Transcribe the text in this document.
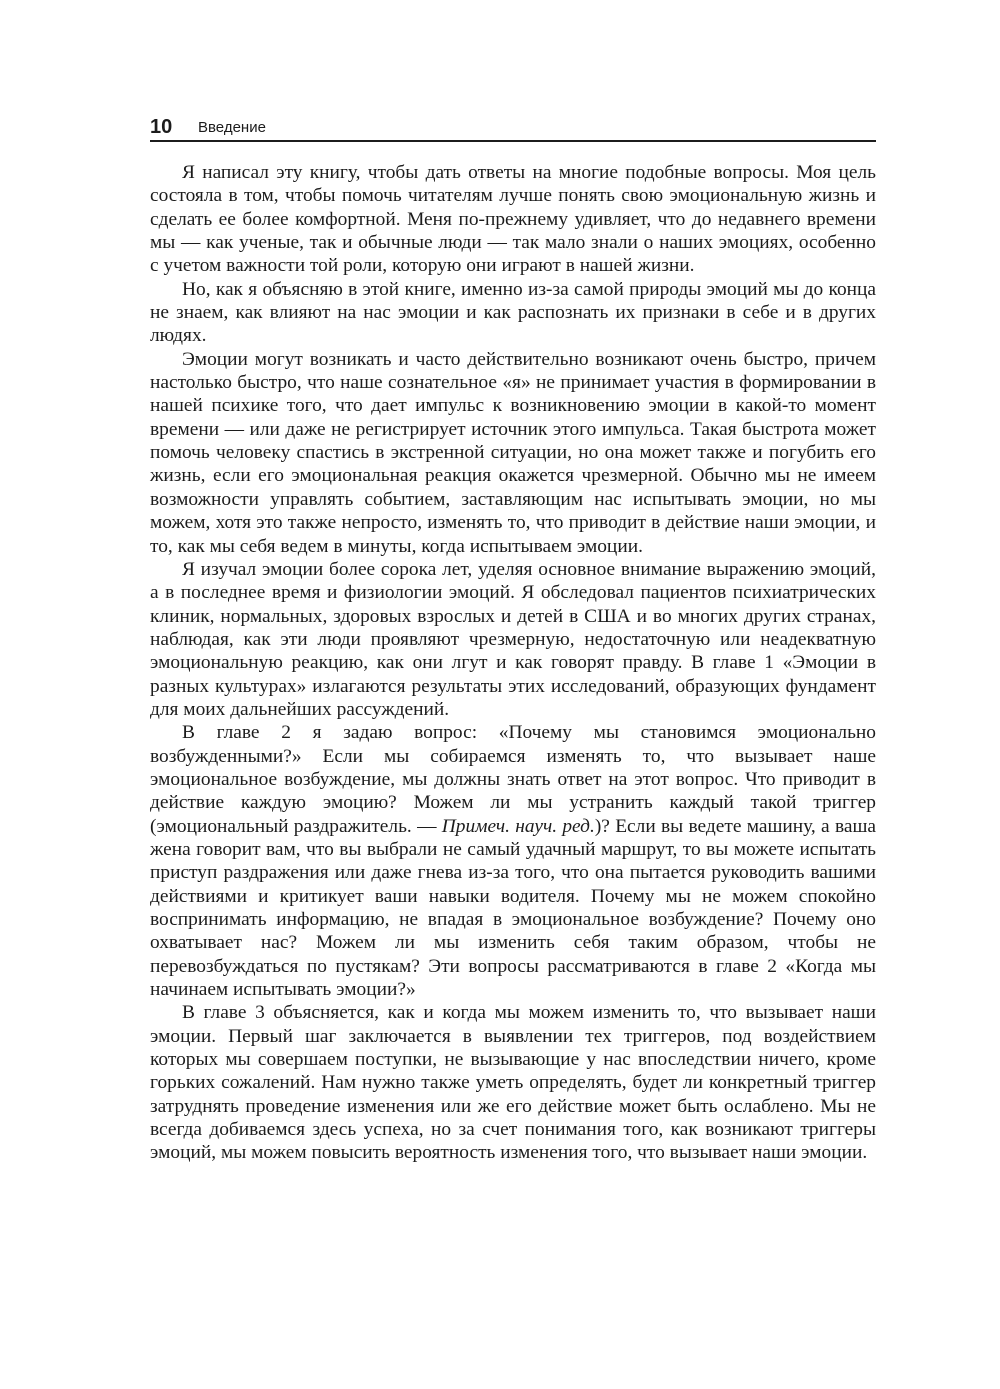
10 Введение

Я написал эту книгу, чтобы дать ответы на многие подобные вопросы. Моя цель состояла в том, чтобы помочь читателям лучше понять свою эмоциональную жизнь и сделать ее более комфортной. Меня по-прежнему удивляет, что до недавнего времени мы — как ученые, так и обычные люди — так мало знали о наших эмоциях, особенно с учетом важности той роли, которую они играют в нашей жизни.

Но, как я объясняю в этой книге, именно из-за самой природы эмоций мы до конца не знаем, как влияют на нас эмоции и как распознать их признаки в себе и в других людях.

Эмоции могут возникать и часто действительно возникают очень быстро, причем настолько быстро, что наше сознательное «я» не принимает участия в формировании в нашей психике того, что дает импульс к возникновению эмоции в какой-то момент времени — или даже не регистрирует источник этого импульса. Такая быстрота может помочь человеку спастись в экстренной ситуации, но она может также и погубить его жизнь, если его эмоциональная реакция окажется чрезмерной. Обычно мы не имеем возможности управлять событием, заставляющим нас испытывать эмоции, но мы можем, хотя это также непросто, изменять то, что приводит в действие наши эмоции, и то, как мы себя ведем в минуты, когда испытываем эмоции.

Я изучал эмоции более сорока лет, уделяя основное внимание выражению эмоций, а в последнее время и физиологии эмоций. Я обследовал пациентов психиатрических клиник, нормальных, здоровых взрослых и детей в США и во многих других странах, наблюдая, как эти люди проявляют чрезмерную, недостаточную или неадекватную эмоциональную реакцию, как они лгут и как говорят правду. В главе 1 «Эмоции в разных культурах» излагаются результаты этих исследований, образующих фундамент для моих дальнейших рассуждений.

В главе 2 я задаю вопрос: «Почему мы становимся эмоционально возбужденными?» Если мы собираемся изменять то, что вызывает наше эмоциональное возбуждение, мы должны знать ответ на этот вопрос. Что приводит в действие каждую эмоцию? Можем ли мы устранить каждый такой триггер (эмоциональный раздражитель. — Примеч. науч. ред.)? Если вы ведете машину, а ваша жена говорит вам, что вы выбрали не самый удачный маршрут, то вы можете испытать приступ раздражения или даже гнева из-за того, что она пытается руководить вашими действиями и критикует ваши навыки водителя. Почему мы не можем спокойно воспринимать информацию, не впадая в эмоциональное возбуждение? Почему оно охватывает нас? Можем ли мы изменить себя таким образом, чтобы не перевозбуждаться по пустякам? Эти вопросы рассматриваются в главе 2 «Когда мы начинаем испытывать эмоции?»

В главе 3 объясняется, как и когда мы можем изменить то, что вызывает наши эмоции. Первый шаг заключается в выявлении тех триггеров, под воздействием которых мы совершаем поступки, не вызывающие у нас впоследствии ничего, кроме горьких сожалений. Нам нужно также уметь определять, будет ли конкретный триггер затруднять проведение изменения или же его действие может быть ослаблено. Мы не всегда добиваемся здесь успеха, но за счет понимания того, как возникают триггеры эмоций, мы можем повысить вероятность изменения того, что вызывает наши эмоции.
